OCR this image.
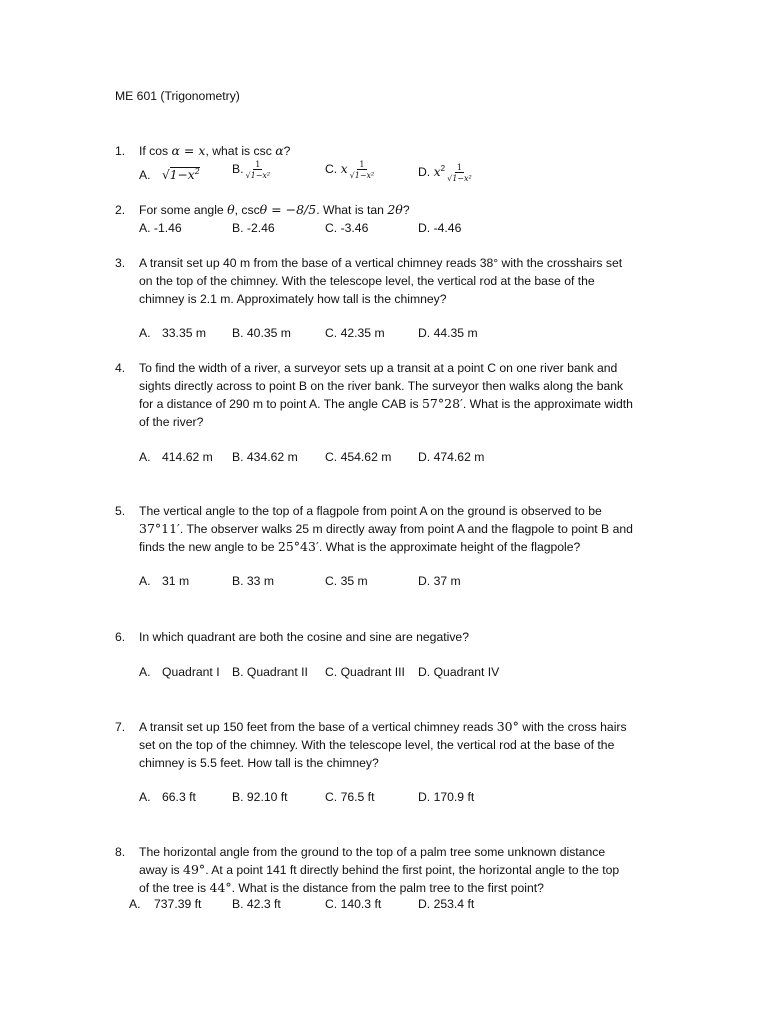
ME 601 (Trigonometry)

1. If cos α = x, what is csc α?

A. $√1-x^2$	B. $\frac{1}{\text{√1−x²}}$	C. x $\frac{1}{\text{√1−x²}}$	D. $x^2 \frac{1}{\text{√1−x²}}$
2. For some angle θ, cscθ = −8/5. What is tan 2θ?

A. -1.46	B. -2.46	C. -3.46	D. -4.46
3. A transit set up 40 m from the base of a vertical chimney reads 38° with the crosshairs set
on the top of the chimney. With the telescope level, the vertical rod at the base of the
chimney is 2.1 m. Approximately how tall is the chimney?
A. 33.35 m B. 40.35 m	C. 42.35 m	D. 44.35 m
4. To find the width of a river, a surveyor sets up a transit at a point C on one river bank and
sights directly across to point B on the river bank. The surveyor then walks along the bank
for a distance of 290 m to point A. The angle CAB is 57°28′. What is the approximate width
of the river?
A. 414.62 m B. 434.62 m C. 454.62 m D. 474.62 m
5. The vertical angle to the top of a flagpole from point A on the ground is observed to be
37°11′. The observer walks 25 m directly away from point A and the flagpole to point B and
finds the new angle to be 25°43′. What is the approximate height of the flagpole?
A. 31 m	B. 33 m	C. 35 m	D. 37 m
6. In which quadrant are both the cosine and sine are negative?
A. Quadrant I B. Quadrant II C. Quadrant III D. Quadrant IV
7. A transit set up 150 feet from the base of a vertical chimney reads 30° with the cross hairs
set on the top of the chimney. With the telescope level, the vertical rod at the base of the
chimney is 5.5 feet. How tall is the chimney?
A. 66.3 ft	B. 92.10 ft	C. 76.5 ft	D. 170.9 ft
8. The horizontal angle from the ground to the top of a palm tree some unknown distance
away is 49°. At a point 141 ft directly behind the first point, the horizontal angle to the top
of the tree is 44°. What is the distance from the palm tree to the first point?
A. 737.39 ft	B. 42.3 ft	C. 140.3 ft	D. 253.4 ft
